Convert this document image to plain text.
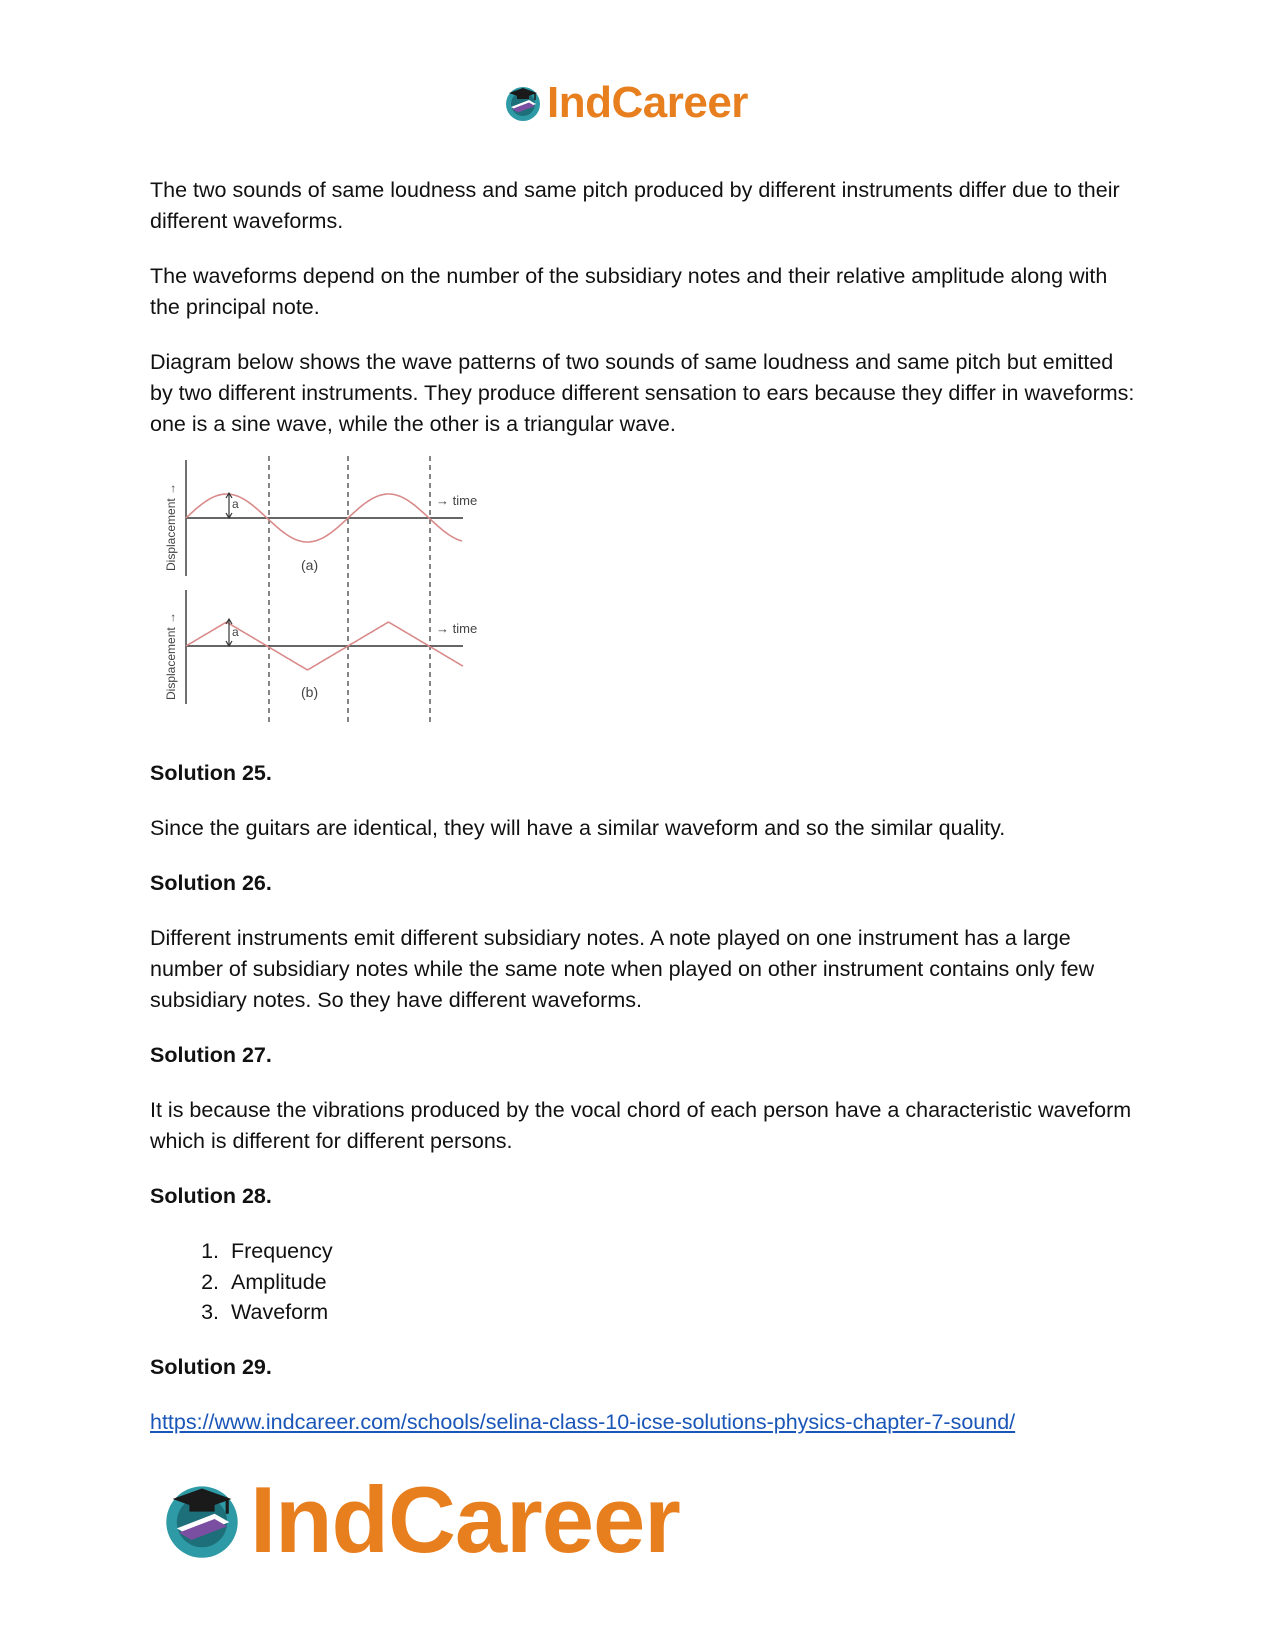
IndCareer

The two sounds of same loudness and same pitch produced by different instruments differ due to their different waveforms.

The waveforms depend on the number of the subsidiary notes and their relative amplitude along with the principal note.

Diagram below shows the wave patterns of two sounds of same loudness and same pitch but emitted by two different instruments. They produce different sensation to ears because they differ in waveforms: one is a sine wave, while the other is a triangular wave.

a	→ time
(a)
Displacement →
a	→ time
(b)
Displacement →
Solution 25.

Since the guitars are identical, they will have a similar waveform and so the similar quality.

Solution 26.

Different instruments emit different subsidiary notes. A note played on one instrument has a large number of subsidiary notes while the same note when played on other instrument contains only few subsidiary notes. So they have different waveforms.

Solution 27.

It is because the vibrations produced by the vocal chord of each person have a characteristic waveform which is different for different persons.

Solution 28.
1. Frequency
2. Amplitude
3. Waveform
Solution 29.
https://www.indcareer.com/schools/selina-class-10-icse-solutions-physics-chapter-7-sound/
IndCareer
